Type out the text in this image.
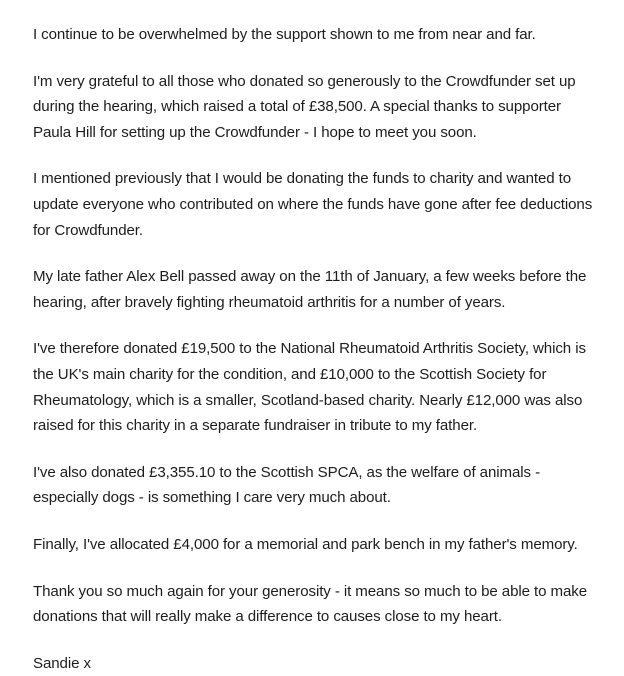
I continue to be overwhelmed by the support shown to me from near and far.

I'm very grateful to all those who donated so generously to the Crowdfunder set up during the hearing, which raised a total of £38,500. A special thanks to supporter Paula Hill for setting up the Crowdfunder - I hope to meet you soon.

I mentioned previously that I would be donating the funds to charity and wanted to update everyone who contributed on where the funds have gone after fee deductions for Crowdfunder.

My late father Alex Bell passed away on the 11th of January, a few weeks before the hearing, after bravely fighting rheumatoid arthritis for a number of years.

I've therefore donated £19,500 to the National Rheumatoid Arthritis Society, which is the UK's main charity for the condition, and £10,000 to the Scottish Society for Rheumatology, which is a smaller, Scotland-based charity. Nearly £12,000 was also raised for this charity in a separate fundraiser in tribute to my father.

I've also donated £3,355.10 to the Scottish SPCA, as the welfare of animals - especially dogs - is something I care very much about.

Finally, I've allocated £4,000 for a memorial and park bench in my father's memory.

Thank you so much again for your generosity - it means so much to be able to make donations that will really make a difference to causes close to my heart.

Sandie x
